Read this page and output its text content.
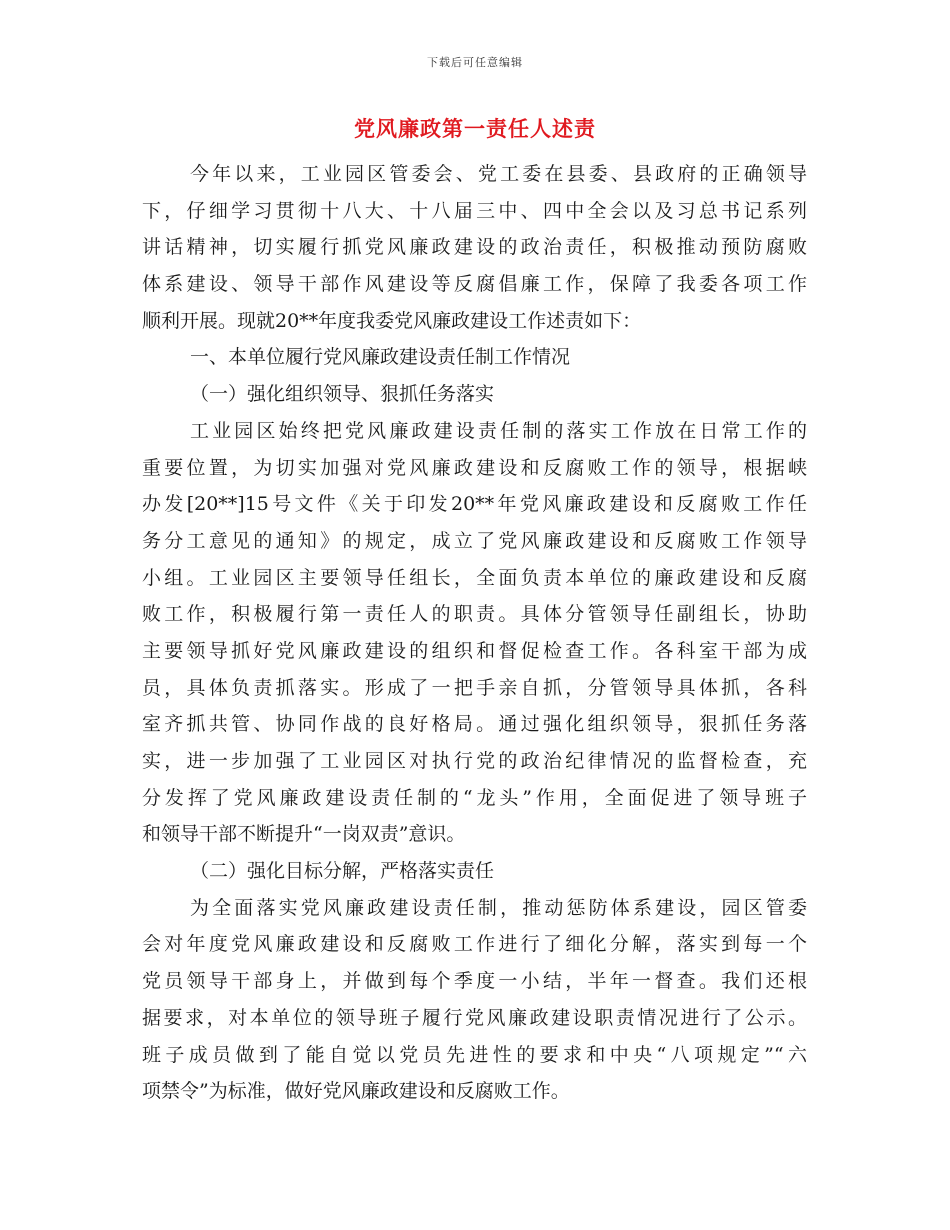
下载后可任意编辑
党风廉政第一责任人述责
今年以来，工业园区管委会、党工委在县委、县政府的正确领导
下，仔细学习贯彻十八大、十八届三中、四中全会以及习总书记系列
讲话精神，切实履行抓党风廉政建设的政治责任，积极推动预防腐败
体系建设、领导干部作风建设等反腐倡廉工作，保障了我委各项工作
顺利开展。现就20**年度我委党风廉政建设工作述责如下：
一、本单位履行党风廉政建设责任制工作情况
（一）强化组织领导、狠抓任务落实
工业园区始终把党风廉政建设责任制的落实工作放在日常工作的
重要位置，为切实加强对党风廉政建设和反腐败工作的领导，根据峡
办发[20**]15号文件《关于印发20**年党风廉政建设和反腐败工作任
务分工意见的通知》的规定，成立了党风廉政建设和反腐败工作领导
小组。工业园区主要领导任组长，全面负责本单位的廉政建设和反腐
败工作，积极履行第一责任人的职责。具体分管领导任副组长，协助
主要领导抓好党风廉政建设的组织和督促检查工作。各科室干部为成
员，具体负责抓落实。形成了一把手亲自抓，分管领导具体抓，各科
室齐抓共管、协同作战的良好格局。通过强化组织领导，狠抓任务落
实，进一步加强了工业园区对执行党的政治纪律情况的监督检查，充
分发挥了党风廉政建设责任制的“龙头”作用，全面促进了领导班子
和领导干部不断提升“一岗双责”意识。
（二）强化目标分解，严格落实责任
为全面落实党风廉政建设责任制，推动惩防体系建设，园区管委
会对年度党风廉政建设和反腐败工作进行了细化分解，落实到每一个
党员领导干部身上，并做到每个季度一小结，半年一督查。我们还根
据要求，对本单位的领导班子履行党风廉政建设职责情况进行了公示。
班子成员做到了能自觉以党员先进性的要求和中央“八项规定”“六
项禁令”为标准，做好党风廉政建设和反腐败工作。
